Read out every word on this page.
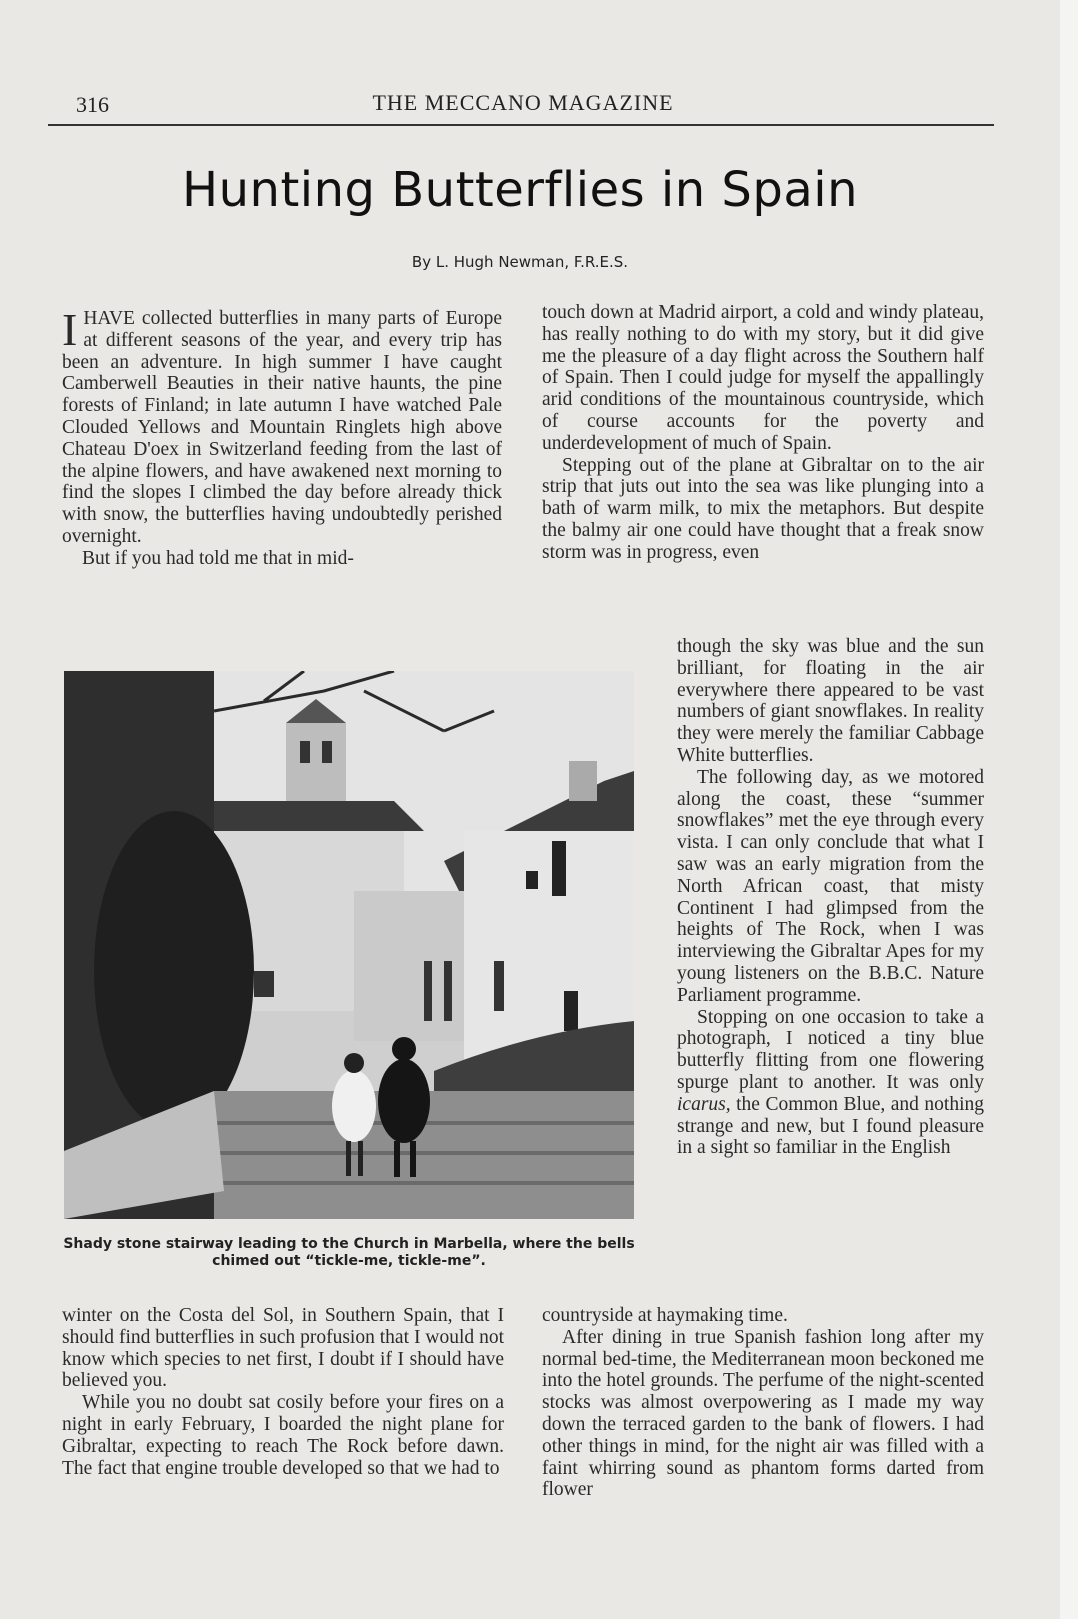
316	THE MECCANO MAGAZINE
Hunting Butterflies in Spain
By L. Hugh Newman, F.R.E.S.

IHAVE collected butterflies in many parts of Europe at different seasons of the year, and every trip has been an adventure. In high summer I have caught Camberwell Beauties in their native haunts, the pine forests of Finland; in late autumn I have watched Pale Clouded Yellows and Mountain Ringlets high above Chateau D'oex in Switzerland feeding from the last of the alpine flowers, and have awakened next morning to find the slopes I climbed the day before already thick with snow, the butterflies having undoubtedly perished overnight.

But if you had told me that in mid-

touch down at Madrid airport, a cold and windy plateau, has really nothing to do with my story, but it did give me the pleasure of a day flight across the Southern half of Spain. Then I could judge for myself the appallingly arid conditions of the mountainous countryside, which of course accounts for the poverty and underdevelopment of much of Spain.

Stepping out of the plane at Gibraltar on to the air strip that juts out into the sea was like plunging into a bath of warm milk, to mix the metaphors. But despite the balmy air one could have thought that a freak snow storm was in progress, even

though the sky was blue and the sun brilliant, for floating in the air everywhere there appeared to be vast numbers of giant snowflakes. In reality they were merely the familiar Cabbage White butterflies.

The following day, as we motored along the coast, these “summer snowflakes” met the eye through every vista. I can only conclude that what I saw was an early migration from the North African coast, that misty Continent I had glimpsed from the heights of The Rock, when I was interviewing the Gibraltar Apes for my young listeners on the B.B.C. Nature Parliament programme.

Stopping on one occasion to take a photograph, I noticed a tiny blue butterfly flitting from one flowering spurge plant to another. It was only icarus, the Common Blue, and nothing strange and new, but I found pleasure in a sight so familiar in the English

Shady stone stairway leading to the Church in Marbella, where the bells chimed out “tickle-me, tickle-me”.

winter on the Costa del Sol, in Southern Spain, that I should find butterflies in such profusion that I would not know which species to net first, I doubt if I should have believed you.

While you no doubt sat cosily before your fires on a night in early February, I boarded the night plane for Gibraltar, expecting to reach The Rock before dawn. The fact that engine trouble developed so that we had to

countryside at haymaking time.

After dining in true Spanish fashion long after my normal bed-time, the Mediterranean moon beckoned me into the hotel grounds. The perfume of the night-scented stocks was almost overpowering as I made my way down the terraced garden to the bank of flowers. I had other things in mind, for the night air was filled with a faint whirring sound as phantom forms darted from flower
